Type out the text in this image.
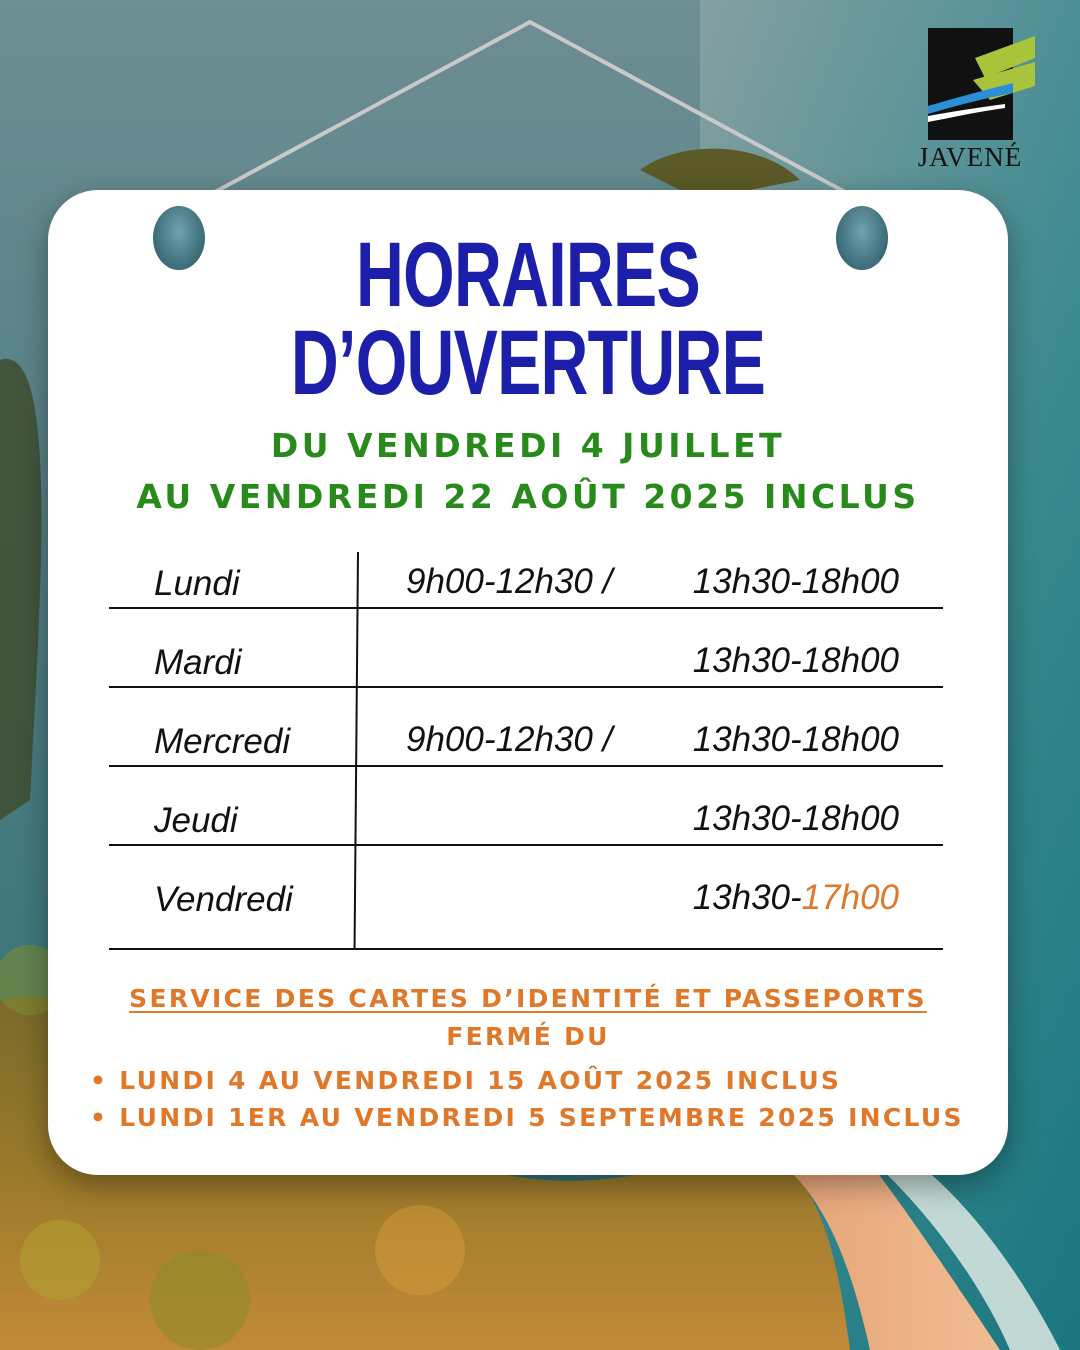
JAVENÉ
HORAIRES
D’OUVERTURE
DU VENDREDI 4 JUILLET
AU VENDREDI 22 AOÛT 2025 INCLUS
Lundi	9h00-12h30 / 13h30-18h00
Mardi	13h30-18h00
Mercredi	9h00-12h30 / 13h30-18h00
Jeudi	13h30-18h00
Vendredi	13h30-17h00
SERVICE DES CARTES D’IDENTITÉ ET PASSEPORTS
FERMÉ DU
• LUNDI 4 AU VENDREDI 15 AOÛT 2025 INCLUS
• LUNDI 1ER AU VENDREDI 5 SEPTEMBRE 2025 INCLUS
